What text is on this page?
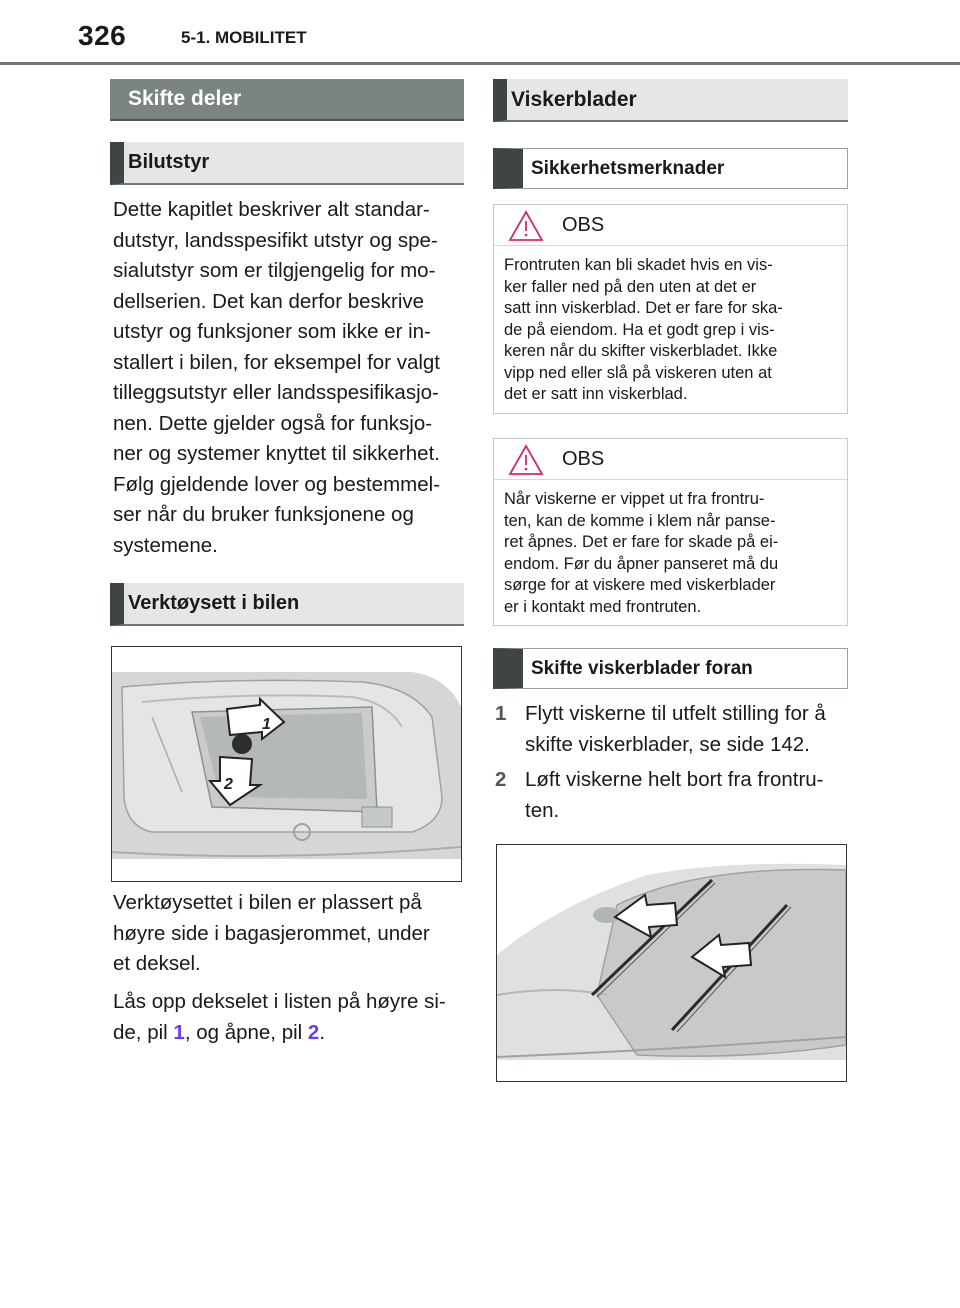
326	5-1. MOBILITET
Skifte deler
Bilutstyr
Dette kapitlet beskriver alt standar-
dutstyr, landsspesifikt utstyr og spe-
sialutstyr som er tilgjengelig for mo-
dellserien. Det kan derfor beskrive
utstyr og funksjoner som ikke er in-
stallert i bilen, for eksempel for valgt
tilleggsutstyr eller landsspesifikasjo-
nen. Dette gjelder også for funksjo-
ner og systemer knyttet til sikkerhet.
Følg gjeldende lover og bestemmel-
ser når du bruker funksjonene og
systemene.
Verktøysett i bilen
1
2
Verktøysettet i bilen er plassert på
høyre side i bagasjerommet, under
et deksel.
Lås opp dekselet i listen på høyre si-
de, pil 1, og åpne, pil 2.
Viskerblader
Sikkerhetsmerknader
OBS
Frontruten kan bli skadet hvis en vis-
ker faller ned på den uten at det er
satt inn viskerblad. Det er fare for ska-
de på eiendom. Ha et godt grep i vis-
keren når du skifter viskerbladet. Ikke
vipp ned eller slå på viskeren uten at
det er satt inn viskerblad.
OBS
Når viskerne er vippet ut fra frontru-
ten, kan de komme i klem når panse-
ret åpnes. Det er fare for skade på ei-
endom. Før du åpner panseret må du
sørge for at viskere med viskerblader
er i kontakt med frontruten.
Skifte viskerblader foran
1 Flytt viskerne til utfelt stilling for å
skifte viskerblader, se side 142.
2 Løft viskerne helt bort fra frontru-
ten.
